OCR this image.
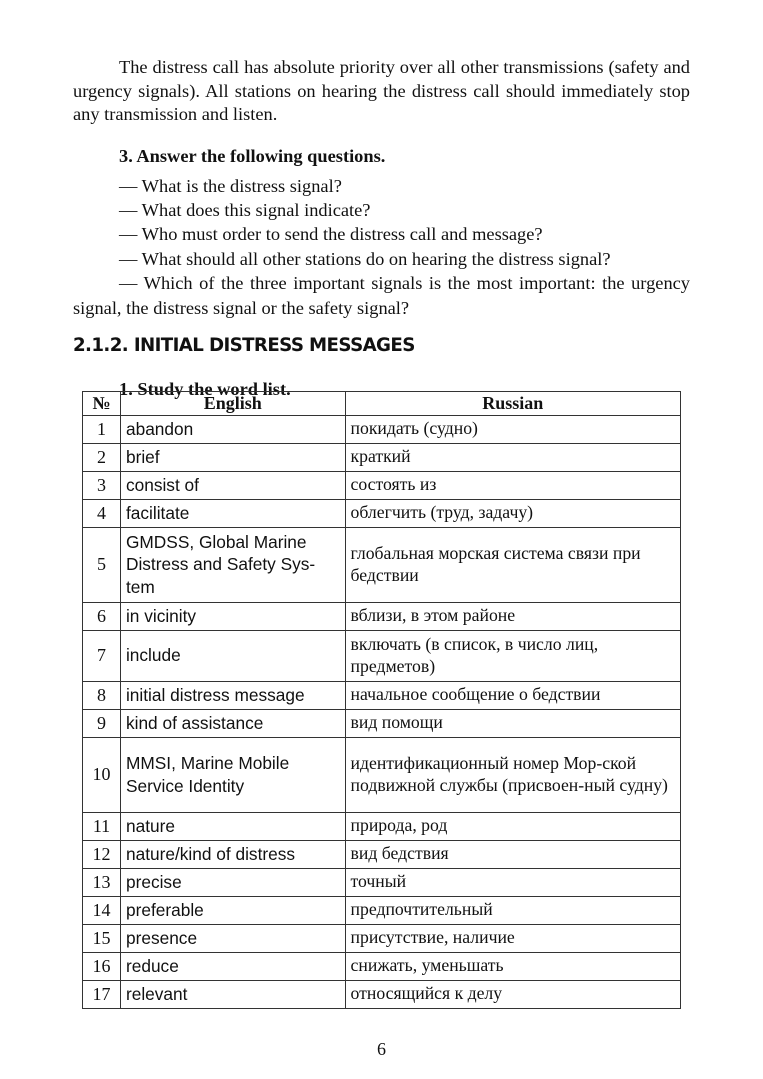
The distress call has absolute priority over all other transmissions (safety and urgency signals). All stations on hearing the distress call should immediately stop any transmission and listen.

3. Answer the following questions.

— What is the distress signal?

— What does this signal indicate?

— Who must order to send the distress call and message?

— What should all other stations do on hearing the distress signal?

— Which of the three important signals is the most important: the urgency signal, the distress signal or the safety signal?

2.1.2. INITIAL DISTRESS MESSAGES
1. Study the word list.
№	English	Russian
1	abandon	покидать (судно)
2	brief	краткий
3	consist of	состоять из
4	facilitate	облегчить (труд, задачу)
5	GMDSS, Global Marine Distress and Safety Sys-tem	глобальная морская система связи при бедствии
6	in vicinity	вблизи, в этом районе
7	include	включать (в список, в число лиц, предметов)
8	initial distress message	начальное сообщение о бедствии
9	kind of assistance	вид помощи
10	MMSI, Marine Mobile Service Identity	идентификационный номер Мор-ской подвижной службы (присвоен-ный судну)
11	nature	природа, род
12	nature/kind of distress	вид бедствия
13	precise	точный
14	preferable	предпочтительный
15	presence	присутствие, наличие
16	reduce	снижать, уменьшать
17	relevant	относящийся к делу
6
